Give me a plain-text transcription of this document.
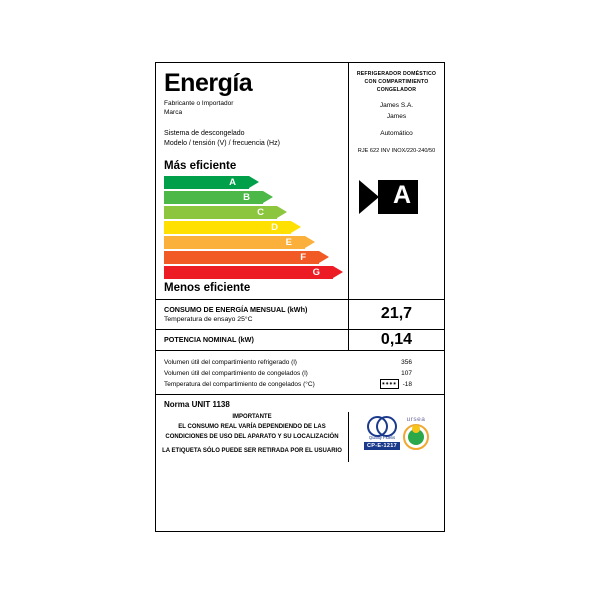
Energía
Fabricante o Importador
Marca
Sistema de descongelado
Modelo / tensión (V) / frecuencia (Hz)
REFRIGERADOR DOMÉSTICO
CON COMPARTIMIENTO
CONGELADOR
James S.A.
James
Automático
RJE 622 INV INOX/220-240/50
Más eficiente
A
B
C
D
E
F
G
Menos eficiente
A
CONSUMO DE ENERGÍA MENSUAL (kWh)
Temperatura de ensayo 25°C	21,7
POTENCIA NOMINAL (kW)	0,14
Volumen útil del compartimiento refrigerado (l)	356
Volumen útil del compartimiento de congelados (l)	107
Temperatura del compartimiento de congelados (°C)	✷✷✷✷ -18
Norma UNIT 1138
IMPORTANTE
EL CONSUMO REAL VARÍA DEPENDIENDO DE LAS CONDICIONES DE USO DEL APARATO Y SU LOCALIZACIÓN
LA ETIQUETA SÓLO PUEDE SER RETIRADA POR EL USUARIO
Quality Fidelis
CP-E-1217
ursea
